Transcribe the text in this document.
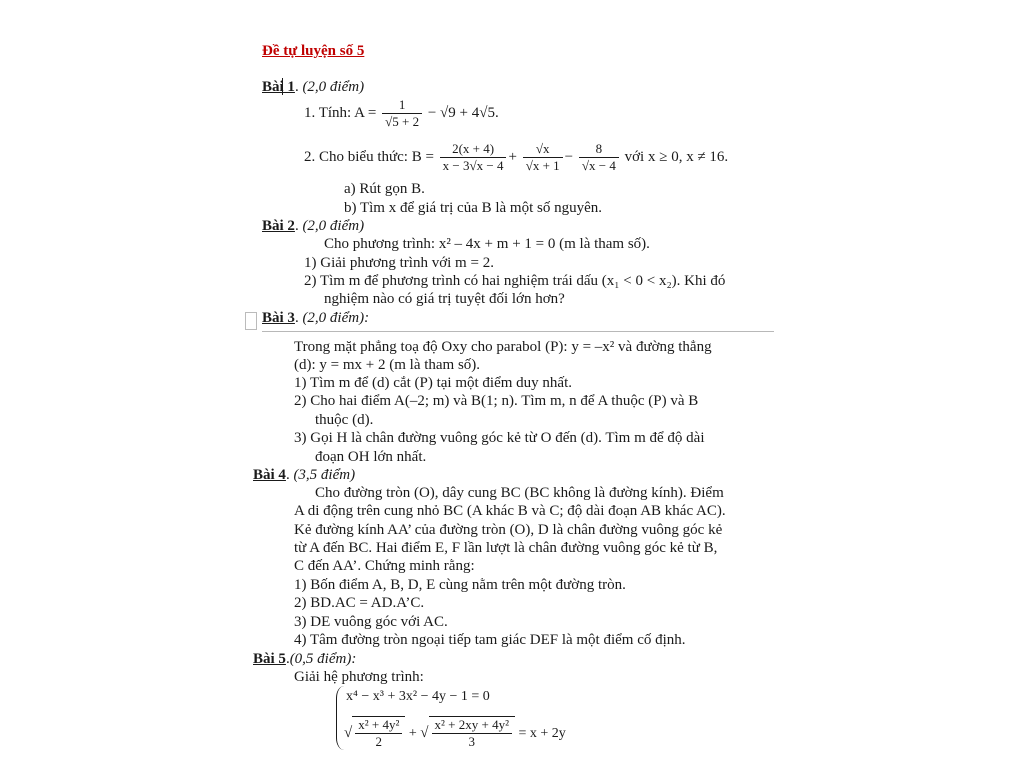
Đề tự luyện số 5
Bài 1. (2,0 điểm)
1. Tính: $A = \frac{1}{√5 + 2} - √9 + 4√5$.
2. Cho biểu thức: $B = \frac{2(x + 4)}{x - 3√x - 4} + \frac{√x}{√x + 1} - \frac{8}{√x - 4}$ với x ≥ 0, x ≠ 16.
a) Rút gọn B.
b) Tìm x để giá trị của B là một số nguyên.
Bài 2. (2,0 điểm)
Cho phương trình: x² – 4x + m + 1 = 0 (m là tham số).
1) Giải phương trình với m = 2.
2) Tìm m để phương trình có hai nghiệm trái dấu (x₁ < 0 < x₂). Khi đó
nghiệm nào có giá trị tuyệt đối lớn hơn?
Bài 3. (2,0 điểm):
Trong mặt phẳng toạ độ Oxy cho parabol (P): y = –x² và đường thẳng
(d): y = mx + 2 (m là tham số).
1) Tìm m để (d) cắt (P) tại một điểm duy nhất.
2) Cho hai điểm A(–2; m) và B(1; n). Tìm m, n để A thuộc (P) và B
thuộc (d).
3) Gọi H là chân đường vuông góc kẻ từ O đến (d). Tìm m để độ dài
đoạn OH lớn nhất.
Bài 4. (3,5 điểm)
Cho đường tròn (O), dây cung BC (BC không là đường kính). Điểm
A di động trên cung nhỏ BC (A khác B và C; độ dài đoạn AB khác AC).
Kẻ đường kính AA’ của đường tròn (O), D là chân đường vuông góc kẻ
từ A đến BC. Hai điểm E, F lần lượt là chân đường vuông góc kẻ từ B,
C đến AA’. Chứng minh rằng:
1) Bốn điểm A, B, D, E cùng nằm trên một đường tròn.
2) BD.AC = AD.A’C.
3) DE vuông góc với AC.
4) Tâm đường tròn ngoại tiếp tam giác DEF là một điểm cố định.
Bài 5.(0,5 điểm):
Giải hệ phương trình:
x⁴ − x³ + 3x² − 4y − 1 = 0
√ $\frac{\text{x² + 4y²}}{2}$ + √ $\frac{\text{x² + 2xy + 4y²}}{3} = x + 2y$
